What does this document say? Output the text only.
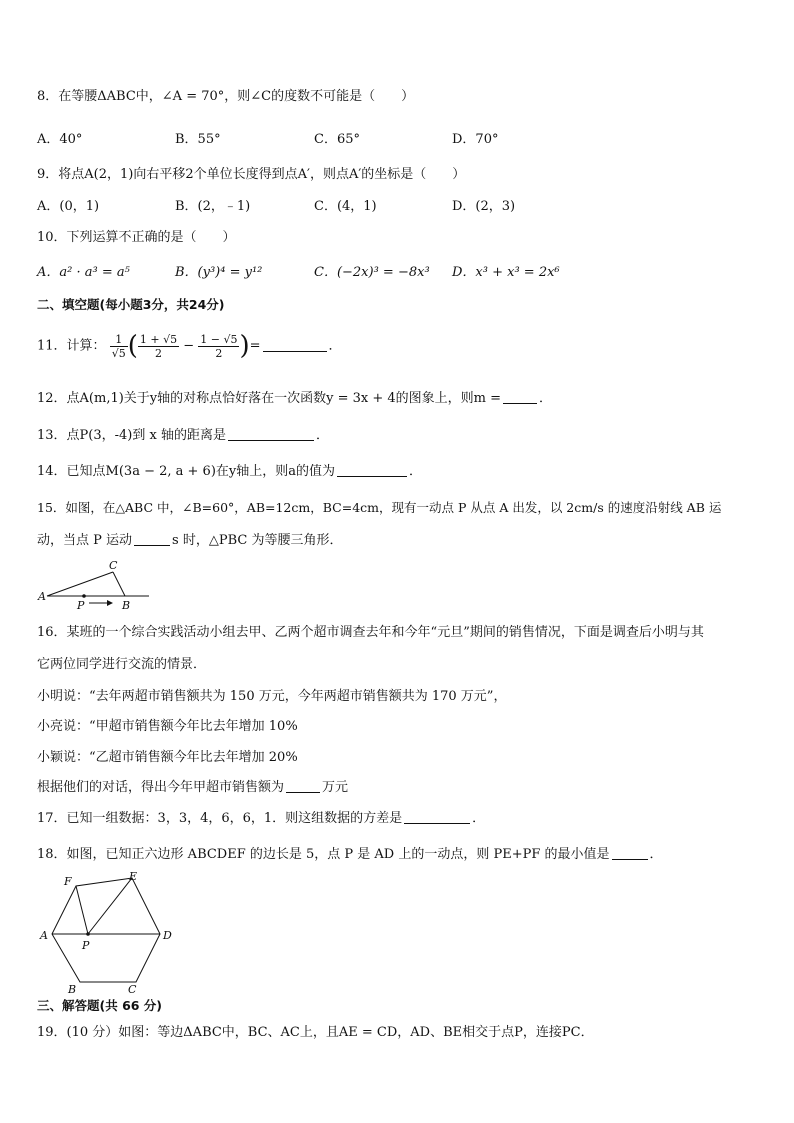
8．在等腰ΔABC中，∠A = 70°，则∠C的度数不可能是（　　）
A．40°	B．55°	C．65°	D．70°
9．将点A(2，1)向右平移2个单位长度得到点A′，则点A′的坐标是（　　）
A．(0，1)	B．(2，﹣1)	C．(4，1)	D．(2，3)
10．下列运算不正确的是（　　）
A．a² · a³ = a⁵	B．(y³)⁴ = y¹²	C．(−2x)³ = −8x³ D．x³ + x³ = 2x⁶
二、填空题(每小题3分，共24分)
11．计算： $\frac{1}{√5}$ ( $\frac{1 + √5}{2} - \frac{1 - √5}{2}$ )=	．
12．点A(m,1)关于y轴的对称点恰好落在一次函数y = 3x + 4的图象上，则m =	．
13．点P(3，-4)到 x 轴的距离是	．
14．已知点M(3a − 2, a + 6)在y轴上，则a的值为	．
15．如图，在△ABC 中，∠B=60°，AB=12cm，BC=4cm，现有一动点 P 从点 A 出发，以 2cm/s 的速度沿射线 AB 运
动，当点 P 运动	s 时，△PBC 为等腰三角形．
A
B
C
P
16．某班的一个综合实践活动小组去甲、乙两个超市调查去年和今年“元旦”期间的销售情况，下面是调查后小明与其
它两位同学进行交流的情景．
小明说：“去年两超市销售额共为 150 万元，今年两超市销售额共为 170 万元”，
小亮说：“甲超市销售额今年比去年增加 10%
小颖说：“乙超市销售额今年比去年增加 20%
根据他们的对话，得出今年甲超市销售额为	万元
17．已知一组数据：3，3，4，6，6，1．则这组数据的方差是	．
18．如图，已知正六边形 ABCDEF 的边长是 5，点 P 是 AD 上的一动点，则 PE+PF 的最小值是	．
A
B	C
D
E
F
P
三、解答题(共 66 分)
19．(10 分）如图：等边ΔABC中，BC、AC上，且AE = CD，AD、BE相交于点P，连接PC．
